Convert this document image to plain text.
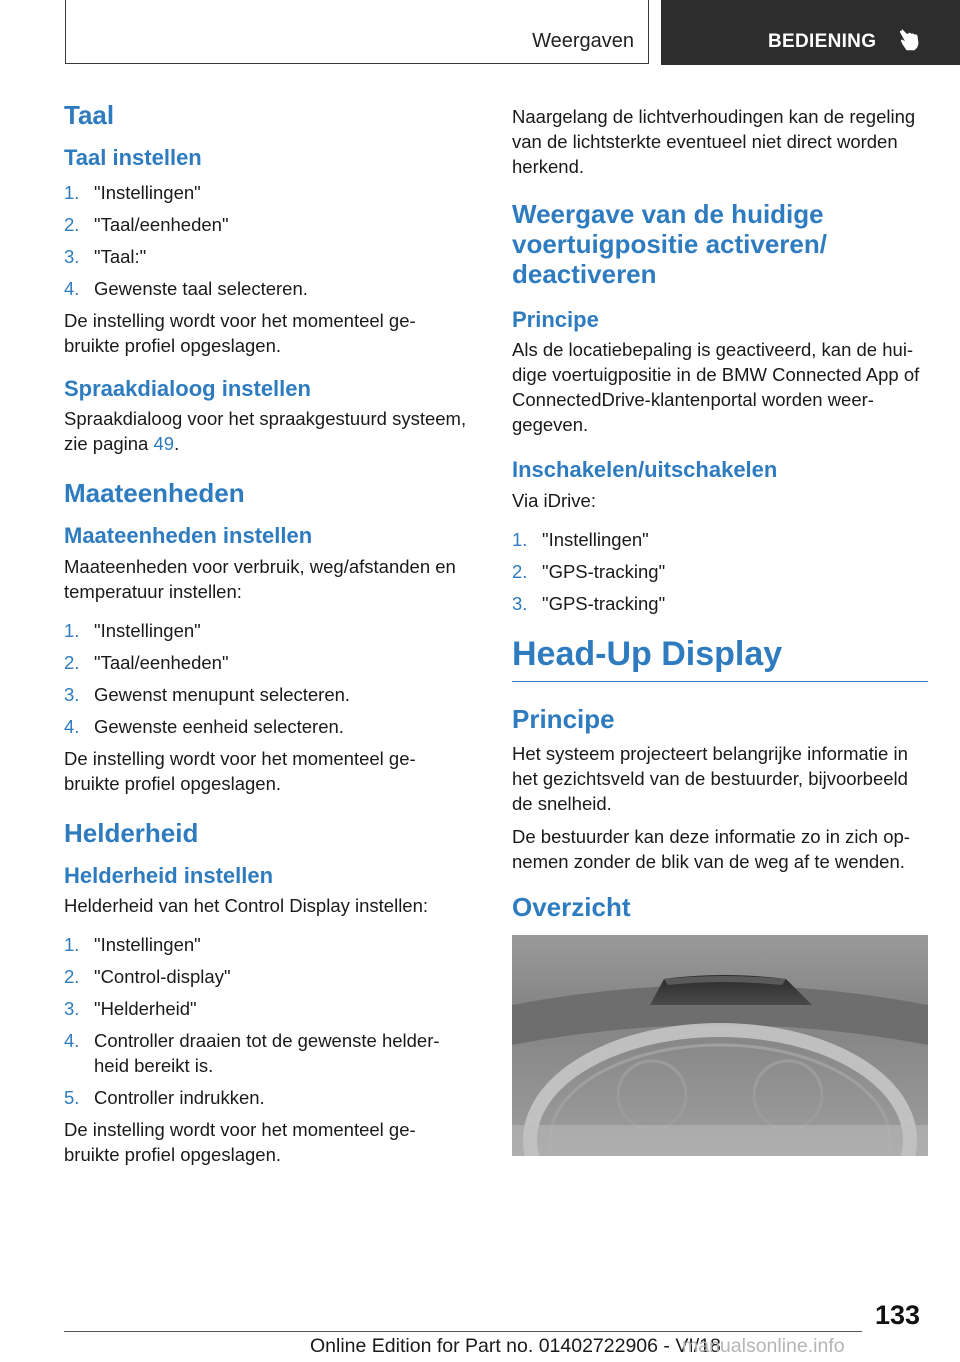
Weergaven	BEDIENING
Taal
Taal instellen
1. "Instellingen"
2. "Taal/eenheden"
3. "Taal:"
4. Gewenste taal selecteren.

De instelling wordt voor het momenteel ge-
bruikte profiel opgeslagen.

Spraakdialoog instellen

Spraakdialoog voor het spraakgestuurd systeem, zie pagina 49.

Maateenheden
Maateenheden instellen

Maateenheden voor verbruik, weg/afstanden en temperatuur instellen:

1. "Instellingen"
2. "Taal/eenheden"
3. Gewenst menupunt selecteren.
4. Gewenste eenheid selecteren.

De instelling wordt voor het momenteel ge-
bruikte profiel opgeslagen.

Helderheid
Helderheid instellen

Helderheid van het Control Display instellen:

1. "Instellingen"
2. "Control-display"
3. "Helderheid"
4. Controller draaien tot de gewenste helder-
heid bereikt is.
5. Controller indrukken.

De instelling wordt voor het momenteel ge-
bruikte profiel opgeslagen.

Naargelang de lichtverhoudingen kan de regeling van de lichtsterkte eventueel niet direct worden herkend.

Weergave van de huidige voertuigpositie activeren/ deactiveren
Principe

Als de locatiebepaling is geactiveerd, kan de hui-
dige voertuigpositie in de BMW Connected App of ConnectedDrive-klantenportal worden weer-
gegeven.

Inschakelen/uitschakelen

Via iDrive:

1. "Instellingen"
2. "GPS-tracking"
3. "GPS-tracking"
Head-Up Display
Principe

Het systeem projecteert belangrijke informatie in het gezichtsveld van de bestuurder, bijvoorbeeld de snelheid.

De bestuurder kan deze informatie zo in zich op-
nemen zonder de blik van de weg af te wenden.

Overzicht
133
Online Edition for Part no. 01402722906 - VI/18
manualsonline.info
